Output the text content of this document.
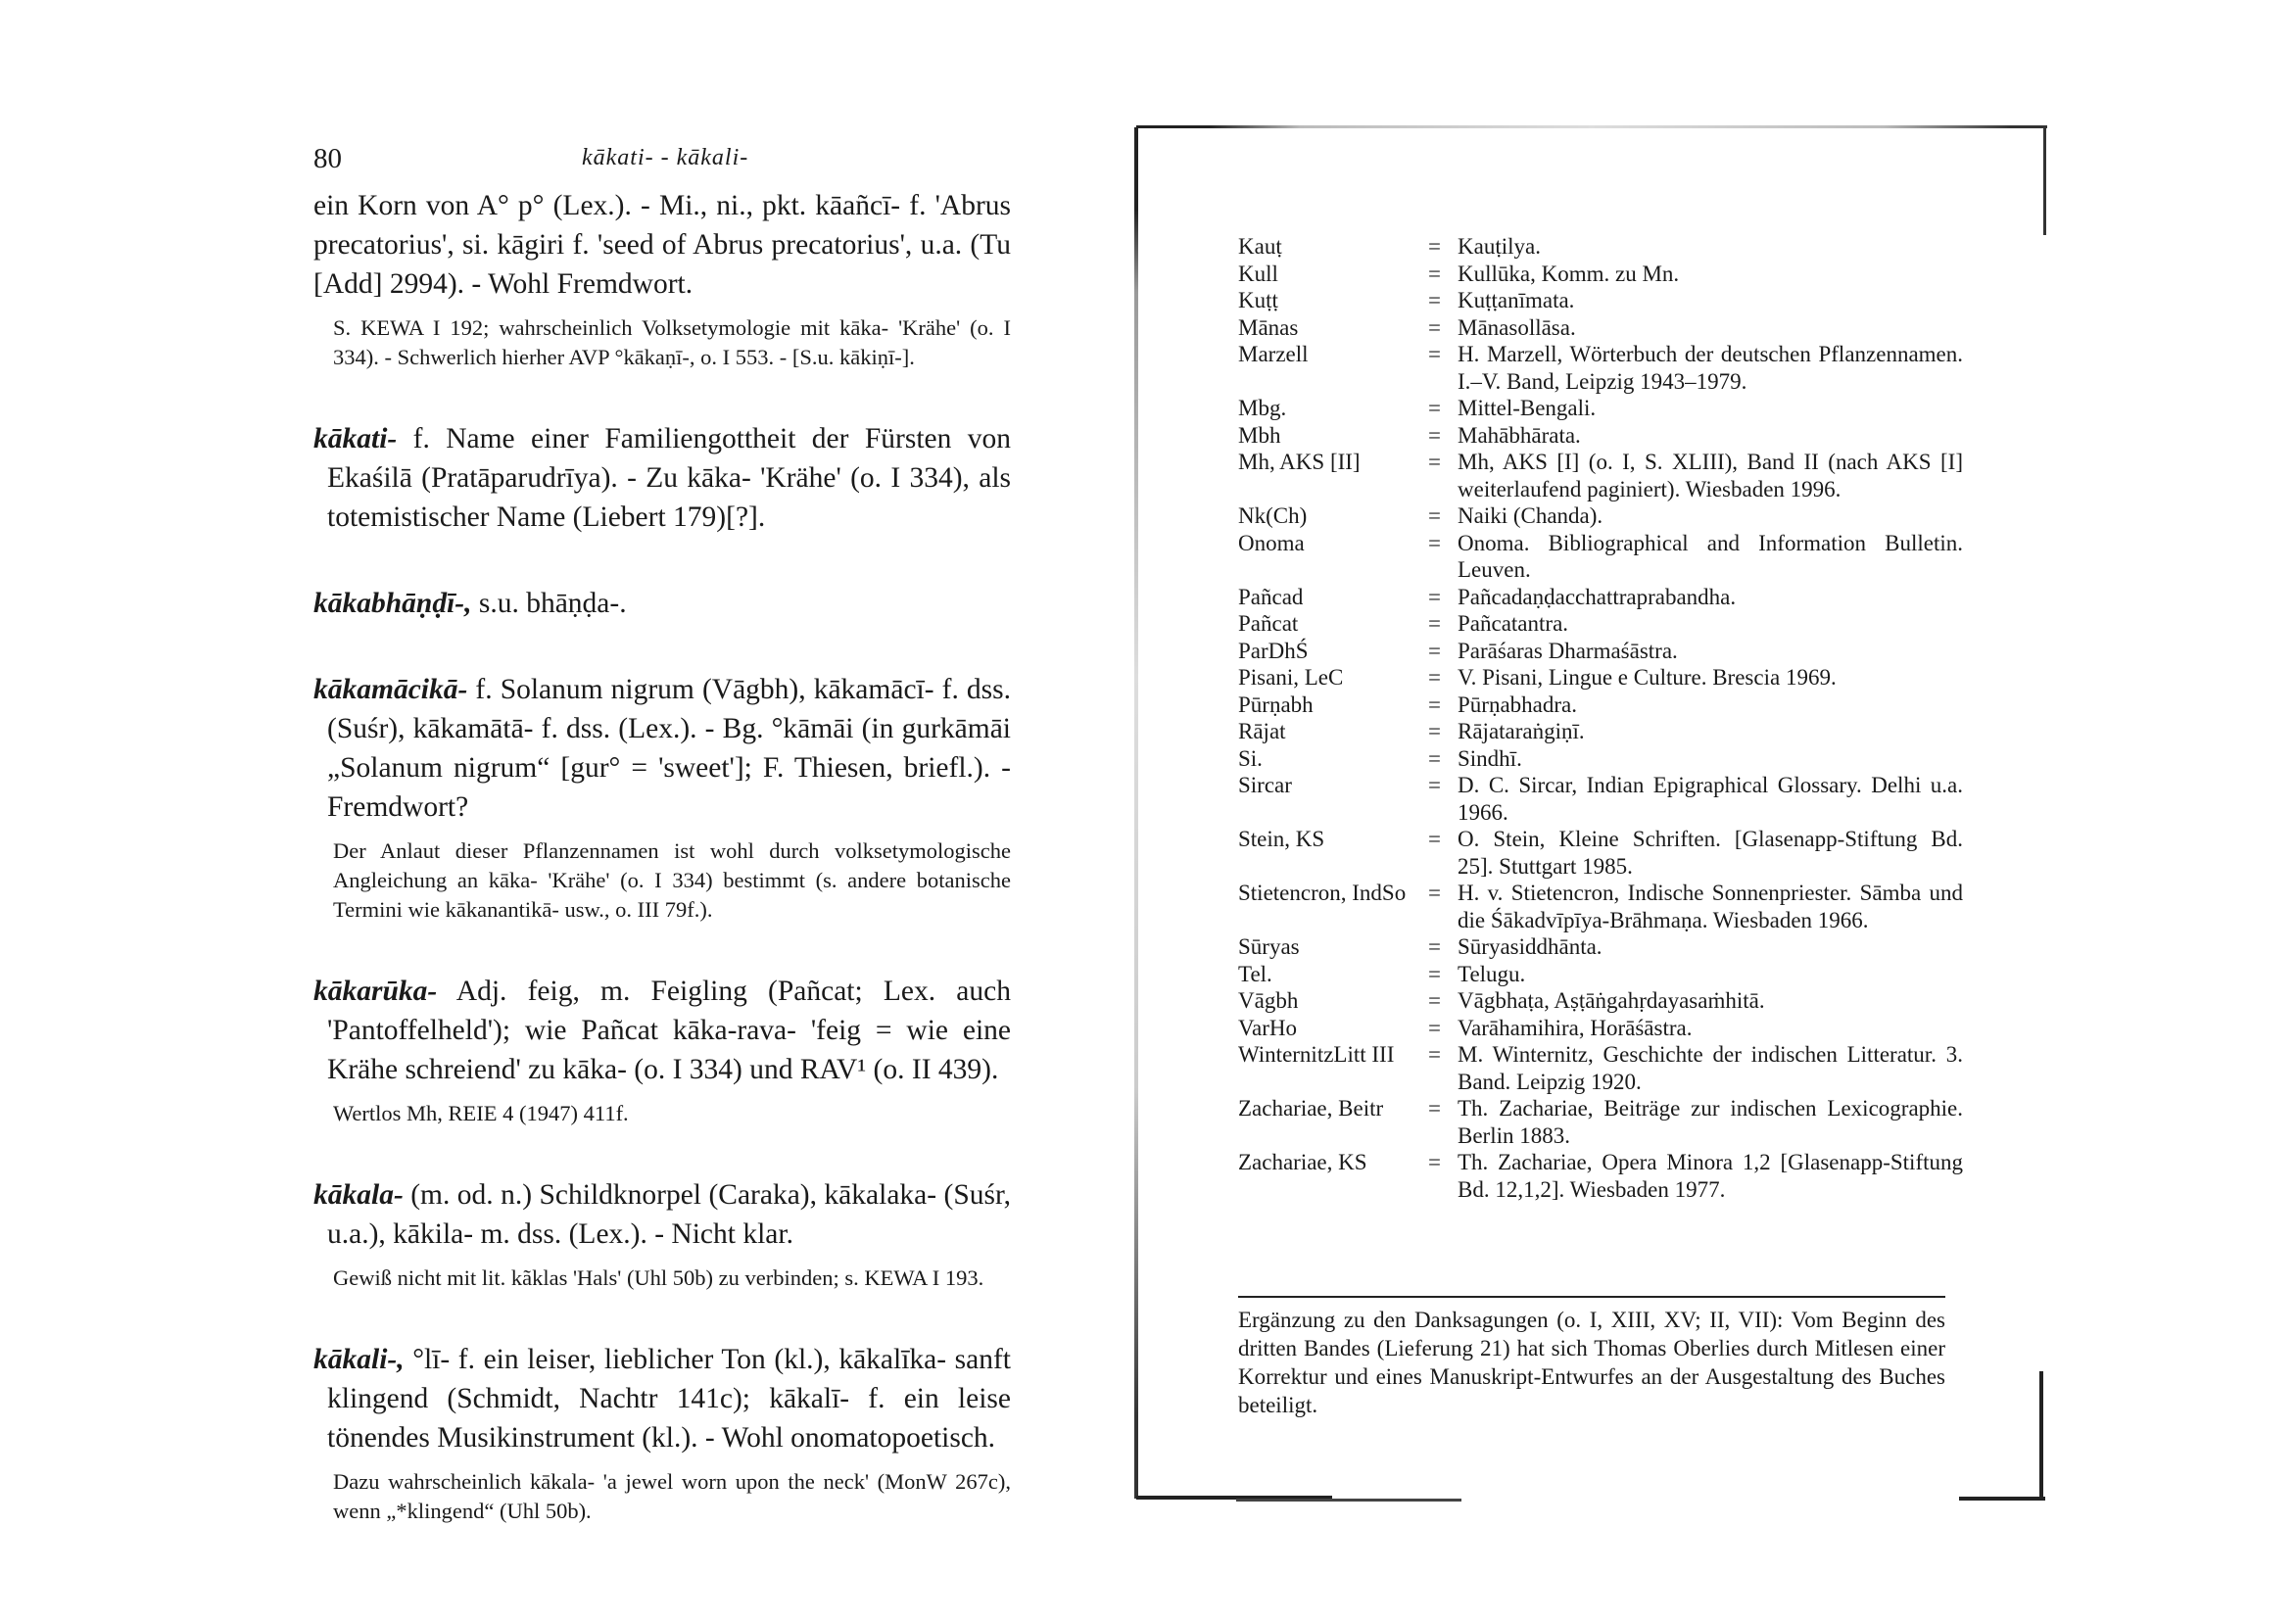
80	kākati- - kākali-

ein Korn von A° p° (Lex.). - Mi., ni., pkt. kāañcī- f. 'Abrus precatorius', si. kāgiri f. 'seed of Abrus precatorius', u.a. (Tu [Add] 2994). - Wohl Fremdwort.

S. KEWA I 192; wahrscheinlich Volksetymologie mit kāka- 'Krähe' (o. I 334). - Schwerlich hierher AVP °kākaṇī-, o. I 553. - [S.u. kākiṇī-].

kākati- f. Name einer Familiengottheit der Fürsten von Ekaśilā (Pratāparudrīya). - Zu kāka- 'Krähe' (o. I 334), als totemistischer Name (Liebert 179)[?].

kākabhāṇḍī-, s.u. bhāṇḍa-.

kākamācikā- f. Solanum nigrum (Vāgbh), kākamācī- f. dss. (Suśr), kākamātā- f. dss. (Lex.). - Bg. °kāmāi (in gurkāmāi „Solanum nigrum“ [gur° = 'sweet']; F. Thiesen, briefl.). - Fremdwort?

Der Anlaut dieser Pflanzennamen ist wohl durch volksetymologische Angleichung an kāka- 'Krähe' (o. I 334) bestimmt (s. andere botanische Termini wie kākanantikā- usw., o. III 79f.).

kākarūka- Adj. feig, m. Feigling (Pañcat; Lex. auch 'Pantoffelheld'); wie Pañcat kāka-rava- 'feig = wie eine Krähe schreiend' zu kāka- (o. I 334) und RAV¹ (o. II 439).

Wertlos Mh, REIE 4 (1947) 411f.

kākala- (m. od. n.) Schildknorpel (Caraka), kākalaka- (Suśr, u.a.), kākila- m. dss. (Lex.). - Nicht klar.

Gewiß nicht mit lit. kãklas 'Hals' (Uhl 50b) zu verbinden; s. KEWA I 193.

kākali-, °lī- f. ein leiser, lieblicher Ton (kl.), kākalīka- sanft klingend (Schmidt, Nachtr 141c); kākalī- f. ein leise tönendes Musikinstrument (kl.). - Wohl onomatopoetisch.

Dazu wahrscheinlich kākala- 'a jewel worn upon the neck' (MonW 267c), wenn „*klingend“ (Uhl 50b).

Kauṭ	= Kauṭilya.
Kull	= Kullūka, Komm. zu Mn.
Kuṭṭ	= Kuṭṭanīmata.
Mānas	= Mānasollāsa.
Marzell	= H. Marzell, Wörterbuch der deutschen Pflanzennamen. I.–V. Band, Leipzig 1943–1979.
Mbg.	= Mittel-Bengali.
Mbh	= Mahābhārata.
Mh, AKS [II]	= Mh, AKS [I] (o. I, S. XLIII), Band II (nach AKS [I] weiterlaufend paginiert). Wiesbaden 1996.
Nk(Ch)	= Naiki (Chanda).
Onoma	= Onoma. Bibliographical and Information Bulletin. Leuven.
Pañcad	= Pañcadaṇḍacchattraprabandha.
Pañcat	= Pañcatantra.
ParDhŚ	= Parāśaras Dharmaśāstra.
Pisani, LeC	= V. Pisani, Lingue e Culture. Brescia 1969.
Pūrṇabh	= Pūrṇabhadra.
Rājat	= Rājataraṅgiṇī.
Si.	= Sindhī.
Sircar	= D. C. Sircar, Indian Epigraphical Glossary. Delhi u.a. 1966.
Stein, KS	= O. Stein, Kleine Schriften. [Glasenapp-Stiftung Bd. 25]. Stuttgart 1985.
Stietencron, IndSo = H. v. Stietencron, Indische Sonnenpriester. Sāmba und die Śākadvīpīya-Brāhmaṇa. Wiesbaden 1966.
Sūryas	= Sūryasiddhānta.
Tel.	= Telugu.
Vāgbh	= Vāgbhaṭa, Aṣṭāṅgahṛdayasaṁhitā.
VarHo	= Varāhamihira, Horāśāstra.
WinternitzLitt III	= M. Winternitz, Geschichte der indischen Litteratur. 3. Band. Leipzig 1920.
Zachariae, Beitr	= Th. Zachariae, Beiträge zur indischen Lexicographie. Berlin 1883.
Zachariae, KS	= Th. Zachariae, Opera Minora 1,2 [Glasenapp-Stiftung Bd. 12,1,2]. Wiesbaden 1977.
Ergänzung zu den Danksagungen (o. I, XIII, XV; II, VII): Vom Beginn des dritten Bandes (Lieferung 21) hat sich Thomas Oberlies durch Mitlesen einer Korrektur und eines Manuskript-Entwurfes an der Ausgestaltung des Buches beteiligt.
